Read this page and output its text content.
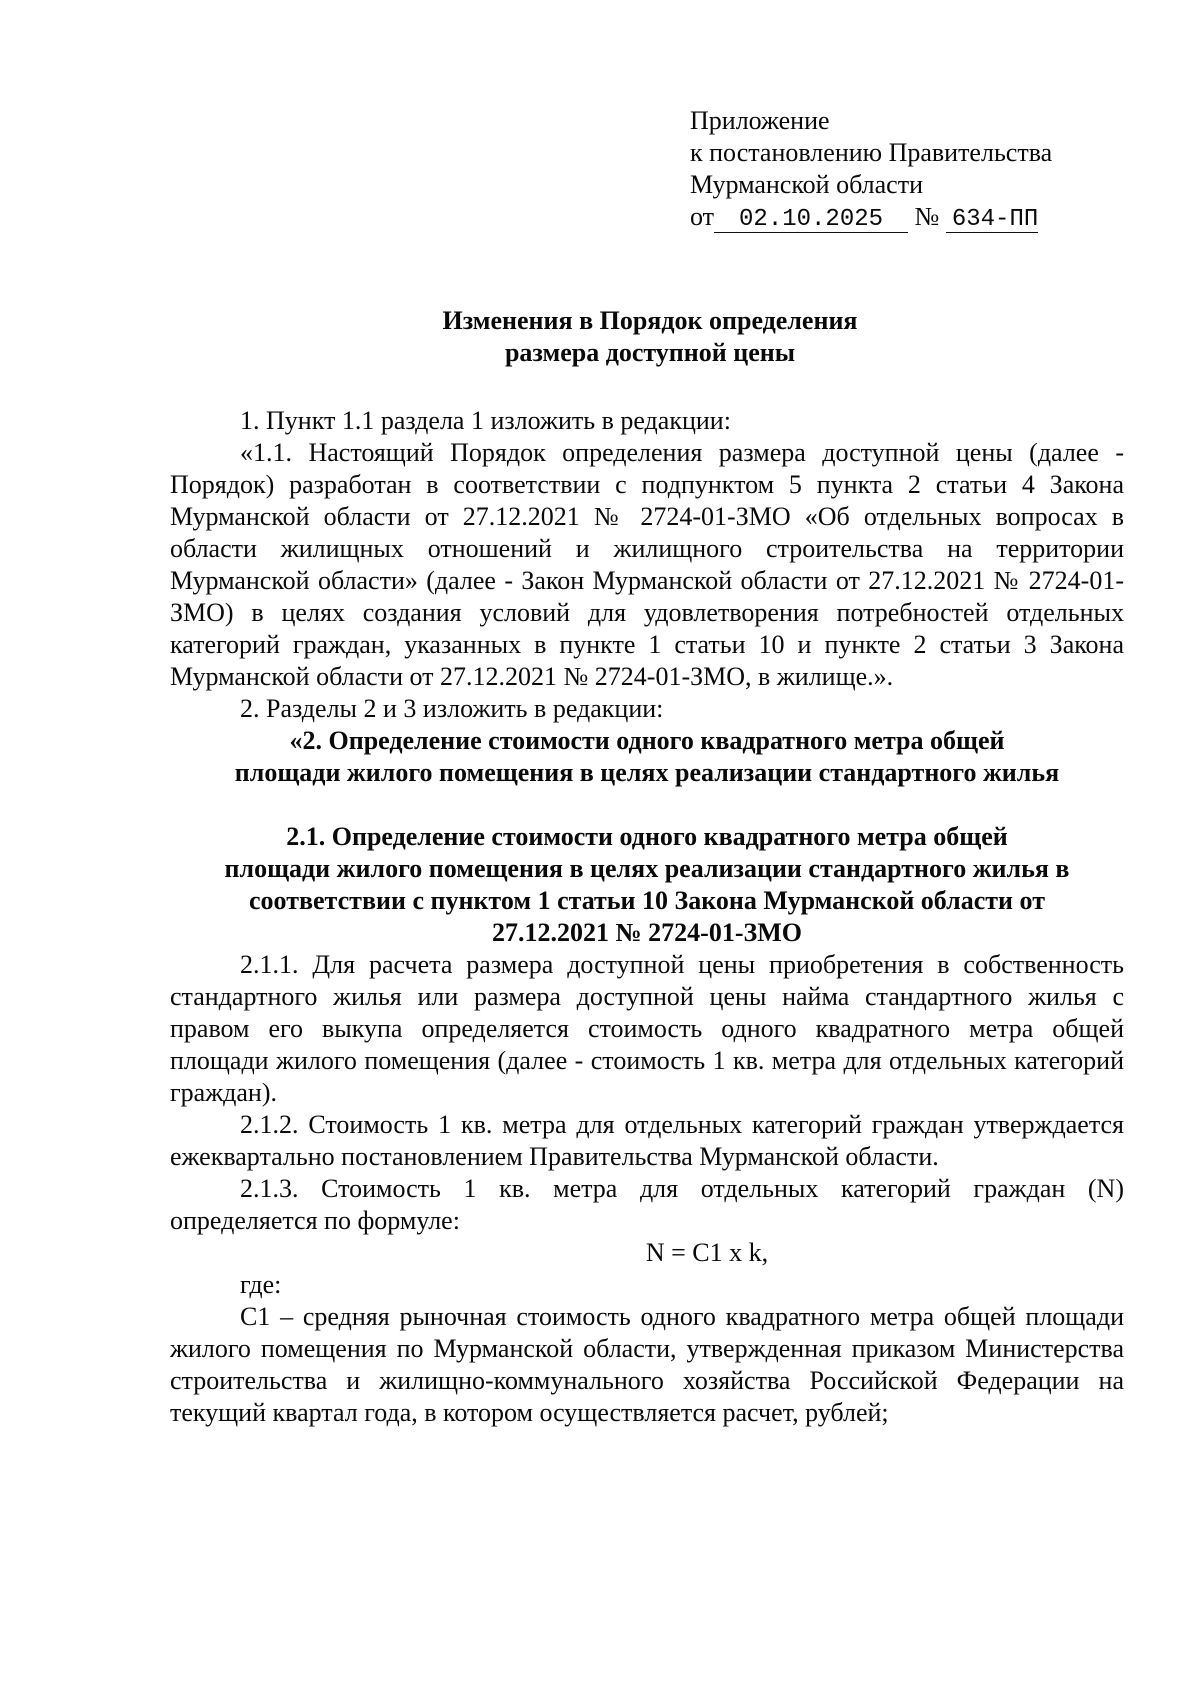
Приложение
к постановлению Правительства
Мурманской области
от 02.10.2025 № 634-ПП
Изменения в Порядок определения
размера доступной цены

1. Пункт 1.1 раздела 1 изложить в редакции:

«1.1. Настоящий Порядок определения размера доступной цены (далее - Порядок) разработан в соответствии с подпунктом 5 пункта 2 статьи 4 Закона Мурманской области от 27.12.2021 № 2724-01-ЗМО «Об отдельных вопросах в области жилищных отношений и жилищного строительства на территории Мурманской области» (далее - Закон Мурманской области от 27.12.2021 № 2724-01-ЗМО) в целях создания условий для удовлетворения потребностей отдельных категорий граждан, указанных в пункте 1 статьи 10 и пункте 2 статьи 3 Закона Мурманской области от 27.12.2021 № 2724-01-ЗМО, в жилище.».

2. Разделы 2 и 3 изложить в редакции:

«2. Определение стоимости одного квадратного метра общей
площади жилого помещения в целях реализации стандартного жилья
2.1. Определение стоимости одного квадратного метра общей
площади жилого помещения в целях реализации стандартного жилья в
соответствии с пунктом 1 статьи 10 Закона Мурманской области от
27.12.2021 № 2724-01-ЗМО

2.1.1. Для расчета размера доступной цены приобретения в собственность стандартного жилья или размера доступной цены найма стандартного жилья с правом его выкупа определяется стоимость одного квадратного метра общей площади жилого помещения (далее - стоимость 1 кв. метра для отдельных категорий граждан).

2.1.2. Стоимость 1 кв. метра для отдельных категорий граждан утверждается ежеквартально постановлением Правительства Мурманской области.

2.1.3. Стоимость 1 кв. метра для отдельных категорий граждан (N) определяется по формуле:

N = C1 x k,

где:

С1 – средняя рыночная стоимость одного квадратного метра общей площади жилого помещения по Мурманской области, утвержденная приказом Министерства строительства и жилищно-коммунального хозяйства Российской Федерации на текущий квартал года, в котором осуществляется расчет, рублей;
